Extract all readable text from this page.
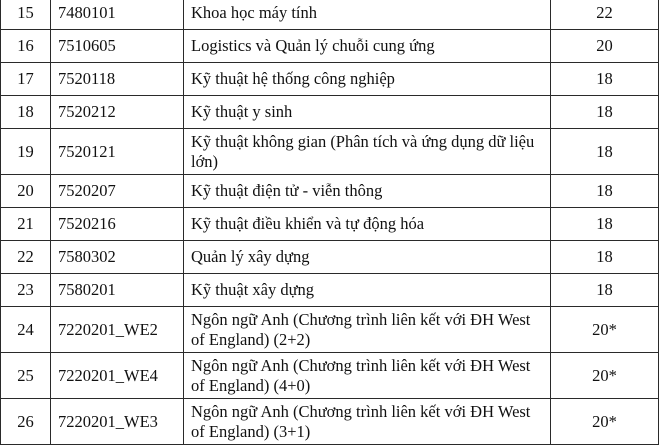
15	7480101	Khoa học máy tính	22
16	7510605	Logistics và Quản lý chuỗi cung ứng	20
17	7520118	Kỹ thuật hệ thống công nghiệp	18
18	7520212	Kỹ thuật y sinh	18
19	7520121	Kỹ thuật không gian (Phân tích và ứng dụng dữ liệu lớn)	18
20	7520207	Kỹ thuật điện tử - viễn thông	18
21	7520216	Kỹ thuật điều khiển và tự động hóa	18
22	7580302	Quản lý xây dựng	18
23	7580201	Kỹ thuật xây dựng	18
24	7220201_WE2	Ngôn ngữ Anh (Chương trình liên kết với ĐH West of England) (2+2)	20*
25	7220201_WE4	Ngôn ngữ Anh (Chương trình liên kết với ĐH West of England) (4+0)	20*
26	7220201_WE3	Ngôn ngữ Anh (Chương trình liên kết với ĐH West of England) (3+1)	20*
